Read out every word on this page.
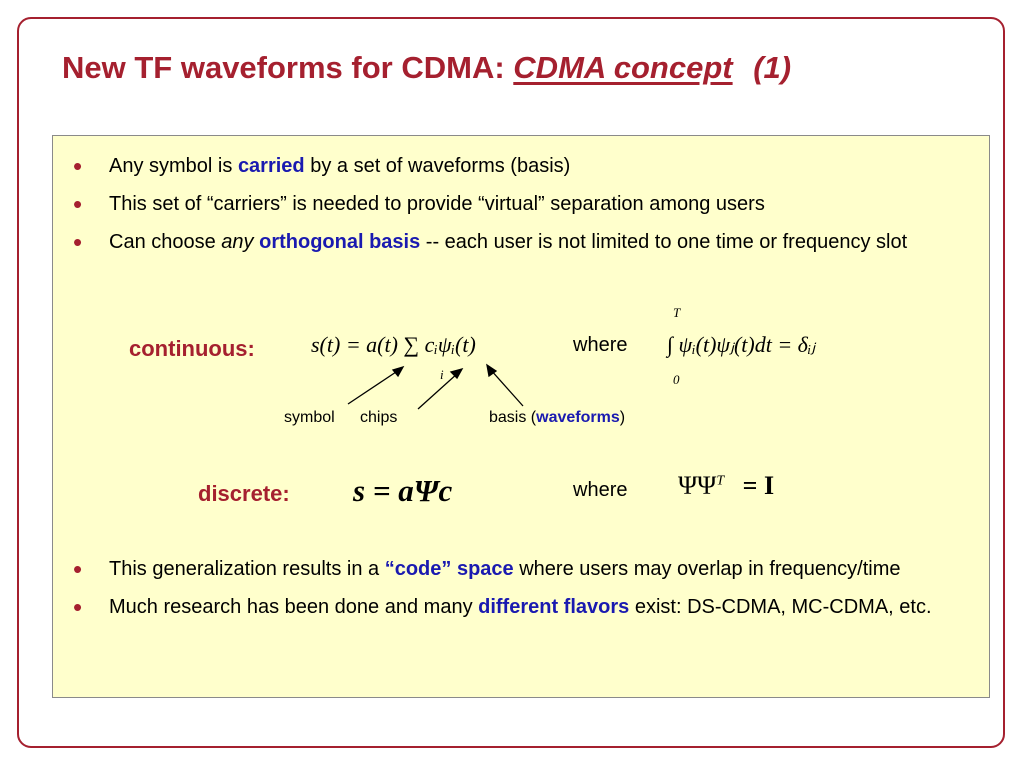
New TF waveforms for CDMA: CDMA concept (1)
• Any symbol is carried by a set of waveforms (basis)
• This set of “carriers” is needed to provide “virtual” separation among users
• Can choose any orthogonal basis -- each user is not limited to one time or frequency slot
continuous:	s(t) = a(t) ∑ cᵢψᵢ(t)
i
where
T
0
∫ ψᵢ(t)ψⱼ(t)dt = δᵢⱼ
symbol chips	basis (waveforms)
discrete: s = aΨc	where $\Psi\Psi^T = I$
• This generalization results in a “code” space where users may overlap in frequency/time
• Much research has been done and many different flavors exist: DS-CDMA, MC-CDMA, etc.
